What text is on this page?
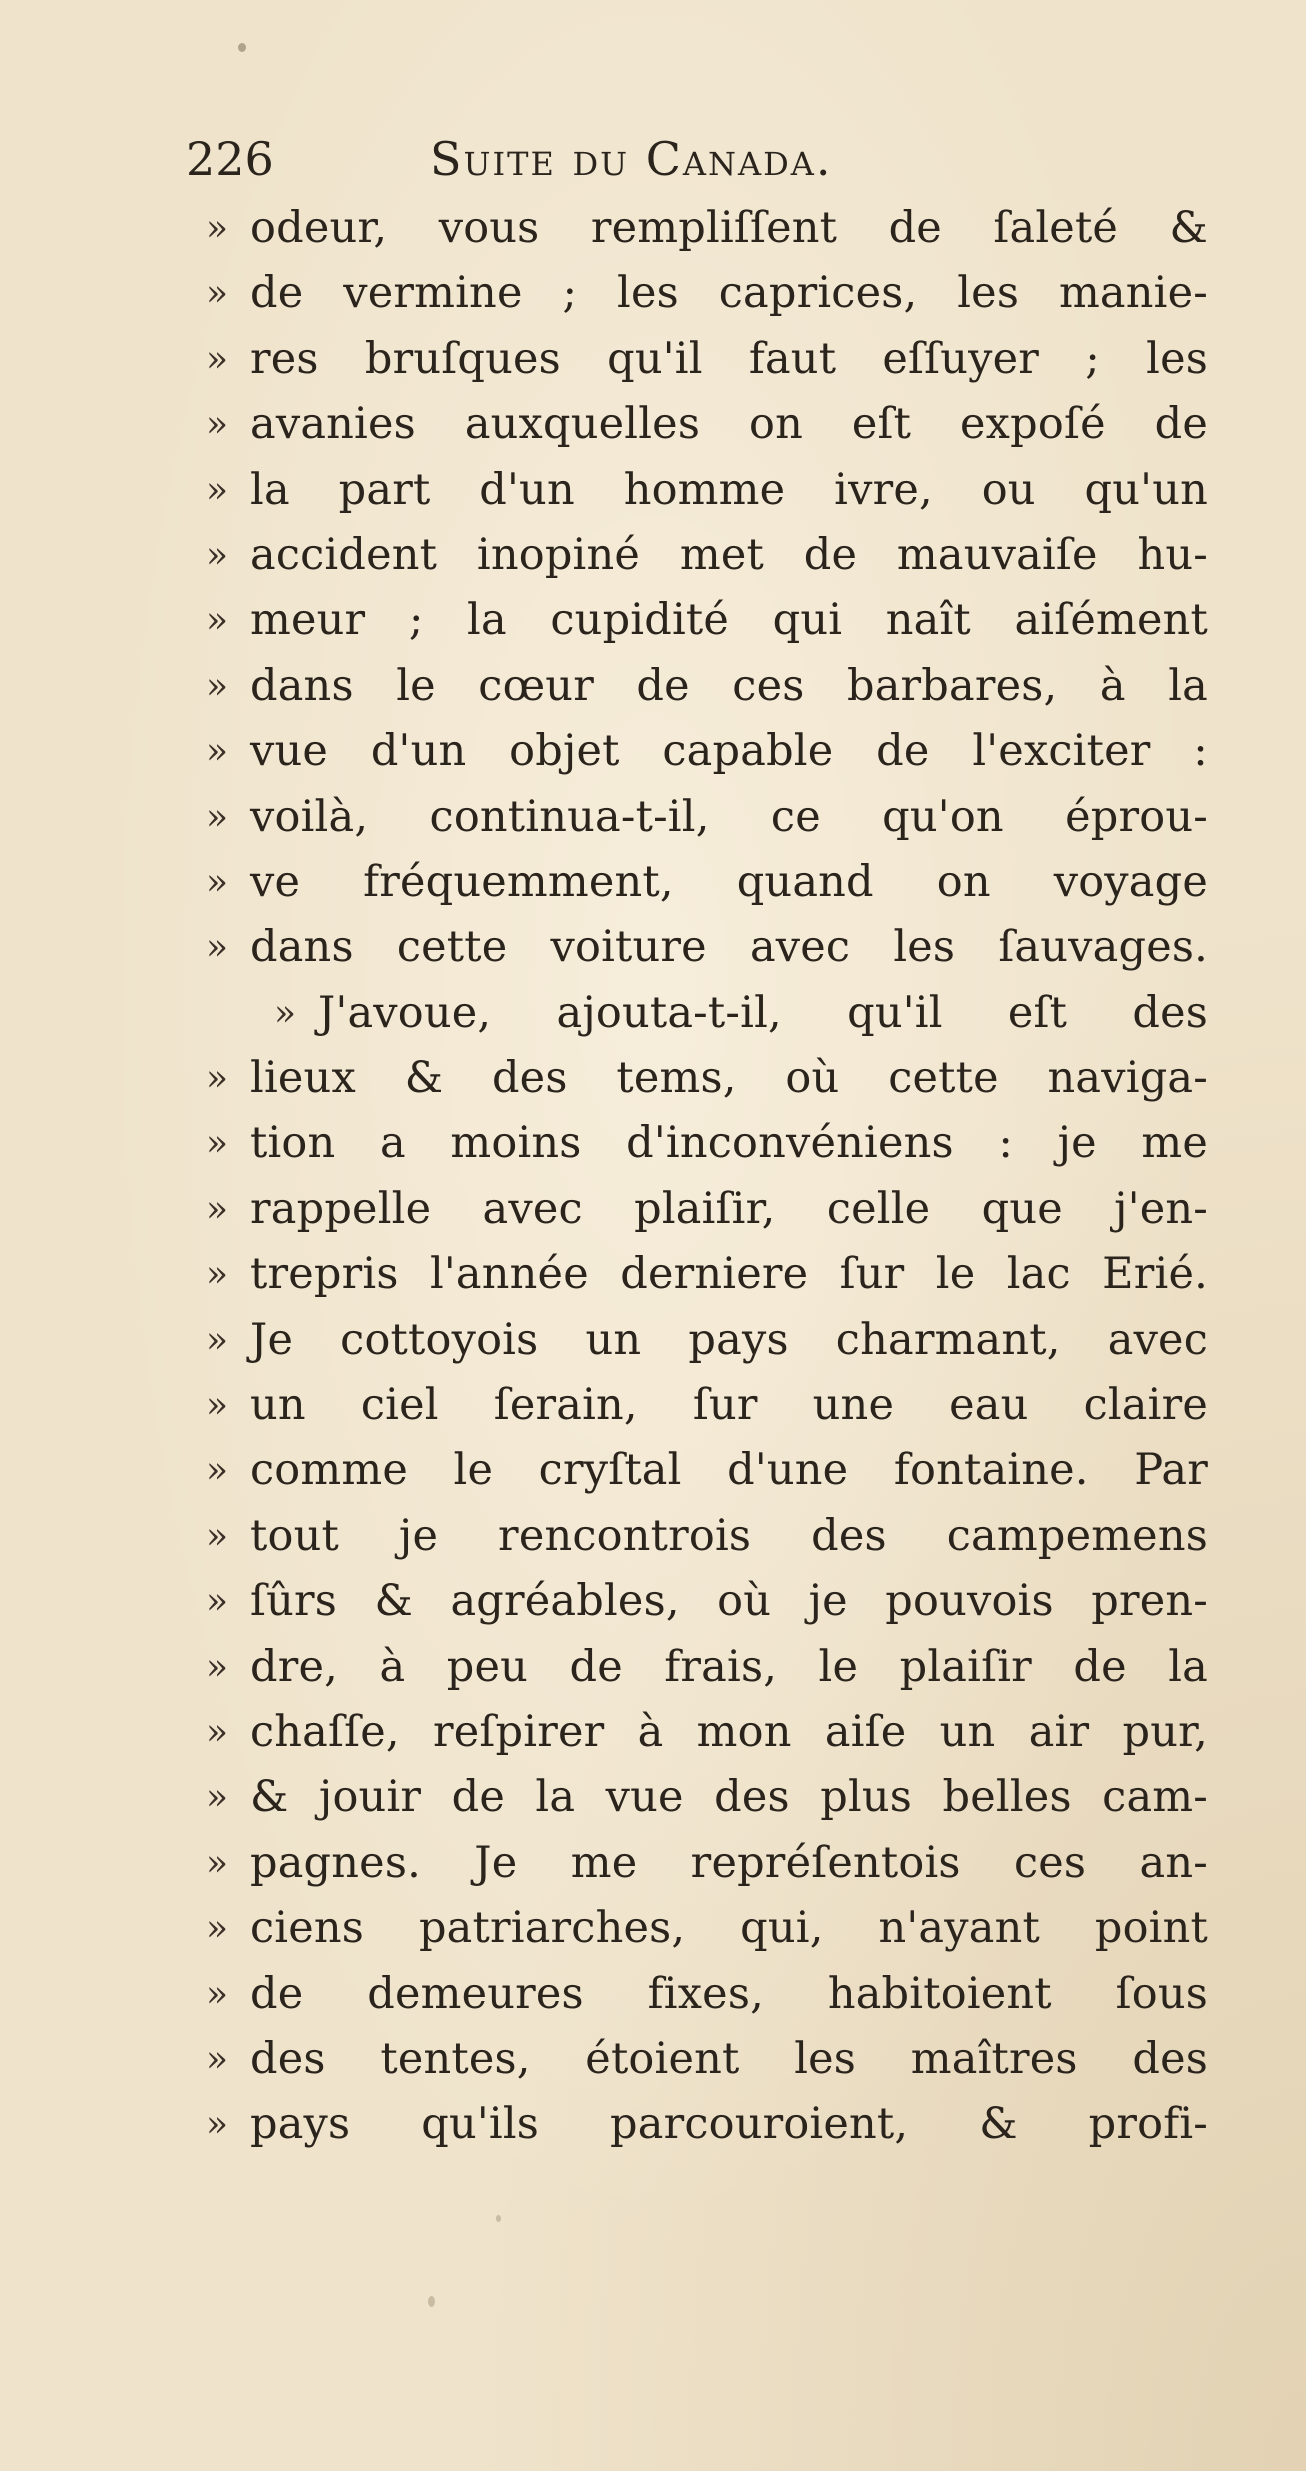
226	Suite du Canada.
» odeur, vous rempliſſent de ſaleté &
» de vermine ; les caprices, les manie-
» res bruſques qu'il faut eſſuyer ; les
» avanies auxquelles on eſt expoſé de
» la part d'un homme ivre, ou qu'un
» accident inopiné met de mauvaiſe hu-
» meur ; la cupidité qui naît aiſément
» dans le cœur de ces barbares, à la
» vue d'un objet capable de l'exciter :
» voilà, continua-t-il, ce qu'on éprou-
» ve fréquemment, quand on voyage
» dans cette voiture avec les ſauvages.
» J'avoue, ajouta-t-il, qu'il eſt des
» lieux & des tems, où cette naviga-
» tion a moins d'inconvéniens : je me
» rappelle avec plaiſir, celle que j'en-
» trepris l'année derniere ſur le lac Erié.
» Je cottoyois un pays charmant, avec
» un ciel ſerain, ſur une eau claire
» comme le cryſtal d'une fontaine. Par
» tout je rencontrois des campemens
» ſûrs & agréables, où je pouvois pren-
» dre, à peu de frais, le plaiſir de la
» chaſſe, reſpirer à mon aiſe un air pur,
» & jouir de la vue des plus belles cam-
» pagnes. Je me repréſentois ces an-
» ciens patriarches, qui, n'ayant point
» de demeures fixes, habitoient ſous
» des tentes, étoient les maîtres des
» pays qu'ils parcouroient, & profi-
